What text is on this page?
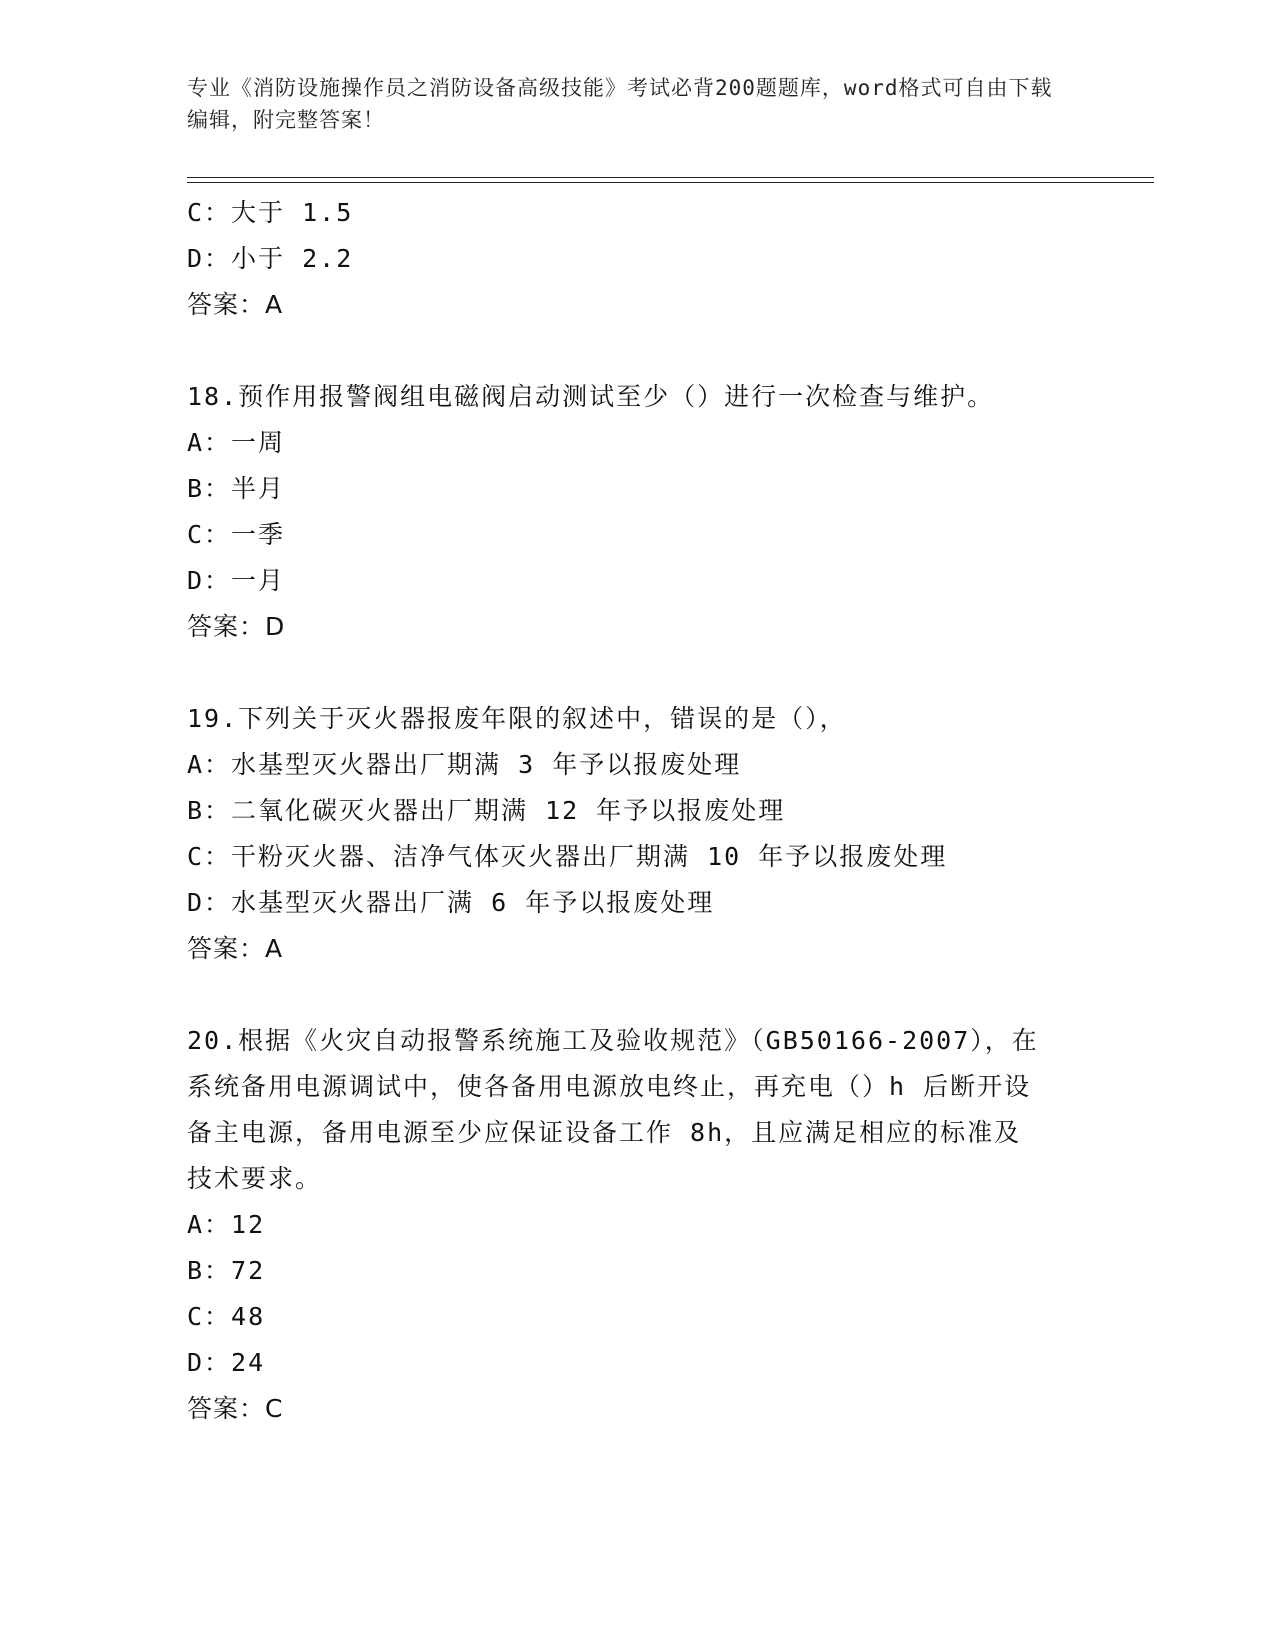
专业《消防设施操作员之消防设备高级技能》考试必背200题题库，word格式可自由下载编辑，附完整答案！
C：大于 1.5
D：小于 2.2
答案：A
18.预作用报警阀组电磁阀启动测试至少（）进行一次检查与维护。
A：一周
B：半月
C：一季
D：一月
答案：D
19.下列关于灭火器报废年限的叙述中，错误的是（），
A：水基型灭火器出厂期满 3 年予以报废处理
B：二氧化碳灭火器出厂期满 12 年予以报废处理
C：干粉灭火器、洁净气体灭火器出厂期满 10 年予以报废处理
D：水基型灭火器出厂满 6 年予以报废处理
答案：A
20.根据《火灾自动报警系统施工及验收规范》（GB50166-2007），在
系统备用电源调试中，使各备用电源放电终止，再充电（）h 后断开设
备主电源，备用电源至少应保证设备工作 8h，且应满足相应的标准及
技术要求。
A：12
B：72
C：48
D：24
答案：C
